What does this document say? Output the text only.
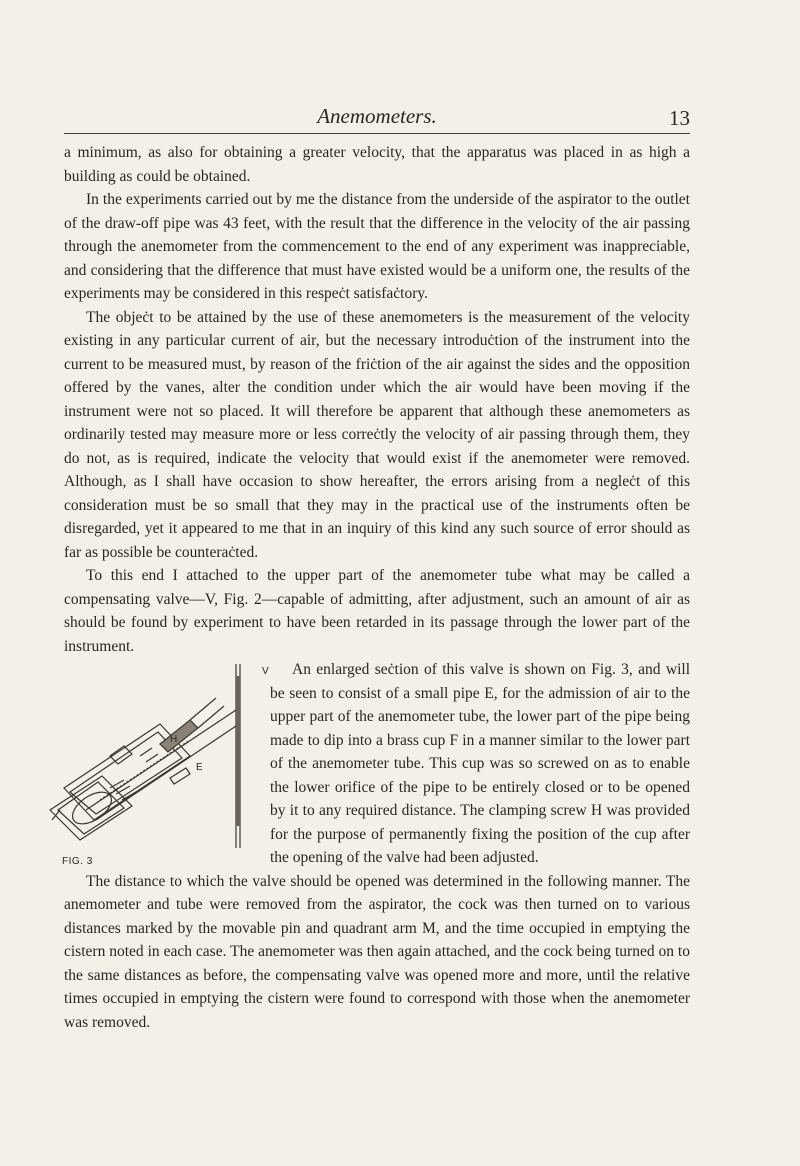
Anemometers.	13

a minimum, as also for obtaining a greater velocity, that the apparatus was placed in as high a building as could be obtained.

In the experiments carried out by me the distance from the underside of the aspirator to the outlet of the draw-off pipe was 43 feet, with the result that the difference in the velocity of the air passing through the anemometer from the commencement to the end of any experiment was inappreciable, and considering that the difference that must have existed would be a uniform one, the results of the experiments may be considered in this respeċt satisfaċtory.

The objeċt to be attained by the use of these anemometers is the measurement of the velocity existing in any particular current of air, but the necessary introduċtion of the instrument into the current to be measured must, by reason of the friċtion of the air against the sides and the opposition offered by the vanes, alter the condition under which the air would have been moving if the instrument were not so placed. It will therefore be apparent that although these anemometers as ordinarily tested may measure more or less correċtly the velocity of air passing through them, they do not, as is required, indicate the velocity that would exist if the anemometer were removed. Although, as I shall have occasion to show hereafter, the errors arising from a negleċt of this consideration must be so small that they may in the practical use of the instruments often be disregarded, yet it appeared to me that in an inquiry of this kind any such source of error should as far as possible be counteraċted.

To this end I attached to the upper part of the anemometer tube what may be called a compensating valve—V, Fig. 2—capable of admitting, after adjustment, such an amount of air as should be found by experiment to have been retarded in its passage through the lower part of the instrument.

H
E
V
FIG. 3
An enlarged seċtion of this valve is shown on Fig. 3, and will be seen to consist of a small pipe E, for the admission of air to the upper part of the anemometer tube, the lower part of the pipe being made to dip into a brass cup F in a manner similar to the lower part of the anemometer tube. This cup was so screwed on as to enable the lower orifice of the pipe to be entirely closed or to be opened by it to any required distance. The clamping screw H was provided for the purpose of permanently fixing the position of the cup after the opening of the valve had been adjusted.

The distance to which the valve should be opened was determined in the following manner. The anemometer and tube were removed from the aspirator, the cock was then turned on to various distances marked by the movable pin and quadrant arm M, and the time occupied in emptying the cistern noted in each case. The anemometer was then again attached, and the cock being turned on to the same distances as before, the compensating valve was opened more and more, until the relative times occupied in emptying the cistern were found to correspond with those when the anemometer was removed.
